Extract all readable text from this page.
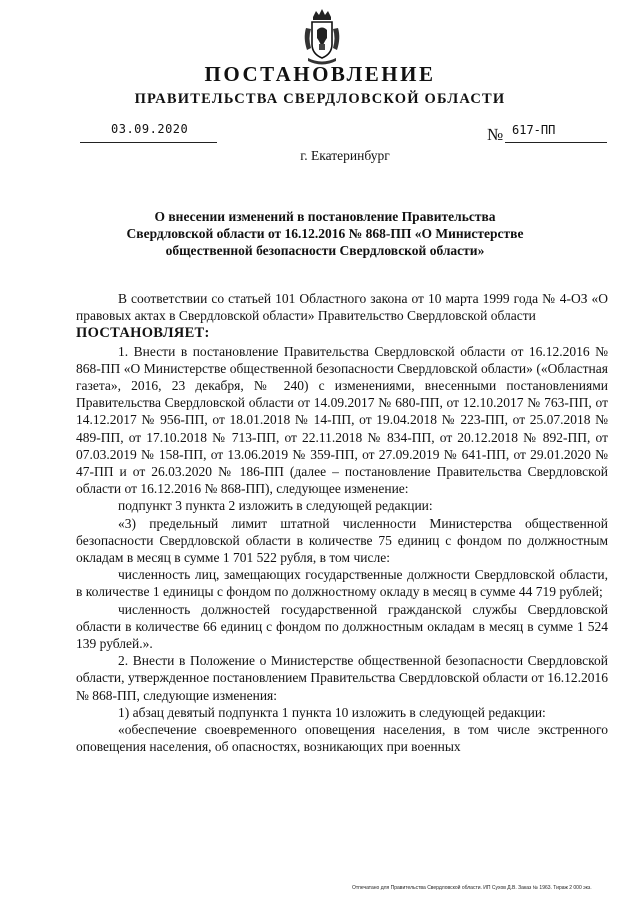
ПОСТАНОВЛЕНИЕ
ПРАВИТЕЛЬСТВА СВЕРДЛОВСКОЙ ОБЛАСТИ
03.09.2020	№ 617-ПП
г. Екатеринбург
О внесении изменений в постановление Правительства
Свердловской области от 16.12.2016 № 868-ПП «О Министерстве
общественной безопасности Свердловской области»

В соответствии со статьей 101 Областного закона от 10 марта 1999 года № 4-ОЗ «О правовых актах в Свердловской области» Правительство Свердловской области

ПОСТАНОВЛЯЕТ:

1. Внести в постановление Правительства Свердловской области от 16.12.2016 № 868-ПП «О Министерстве общественной безопасности Свердловской области» («Областная газета», 2016, 23 декабря, № 240) с изменениями, внесенными постановлениями Правительства Свердловской области от 14.09.2017 № 680-ПП, от 12.10.2017 № 763-ПП, от 14.12.2017 № 956-ПП, от 18.01.2018 № 14-ПП, от 19.04.2018 № 223-ПП, от 25.07.2018 № 489-ПП, от 17.10.2018 № 713-ПП, от 22.11.2018 № 834-ПП, от 20.12.2018 № 892-ПП, от 07.03.2019 № 158-ПП, от 13.06.2019 № 359-ПП, от 27.09.2019 № 641-ПП, от 29.01.2020 № 47-ПП и от 26.03.2020 № 186-ПП (далее – постановление Правительства Свердловской области от 16.12.2016 № 868-ПП), следующее изменение:

подпункт 3 пункта 2 изложить в следующей редакции:

«3) предельный лимит штатной численности Министерства общественной безопасности Свердловской области в количестве 75 единиц с фондом по должностным окладам в месяц в сумме 1 701 522 рубля, в том числе:

численность лиц, замещающих государственные должности Свердловской области, в количестве 1 единицы с фондом по должностному окладу в месяц в сумме 44 719 рублей;

численность должностей государственной гражданской службы Свердловской области в количестве 66 единиц с фондом по должностным окладам в месяц в сумме 1 524 139 рублей.».

2. Внести в Положение о Министерстве общественной безопасности Свердловской области, утвержденное постановлением Правительства Свердловской области от 16.12.2016 № 868-ПП, следующие изменения:

1) абзац девятый подпункта 1 пункта 10 изложить в следующей редакции:

«обеспечение своевременного оповещения населения, в том числе экстренного оповещения населения, об опасностях, возникающих при военных

Отпечатано для Правительства Свердловской области. ИП Сухов Д.В. Заказ № 1963. Тираж 2 000 экз.
